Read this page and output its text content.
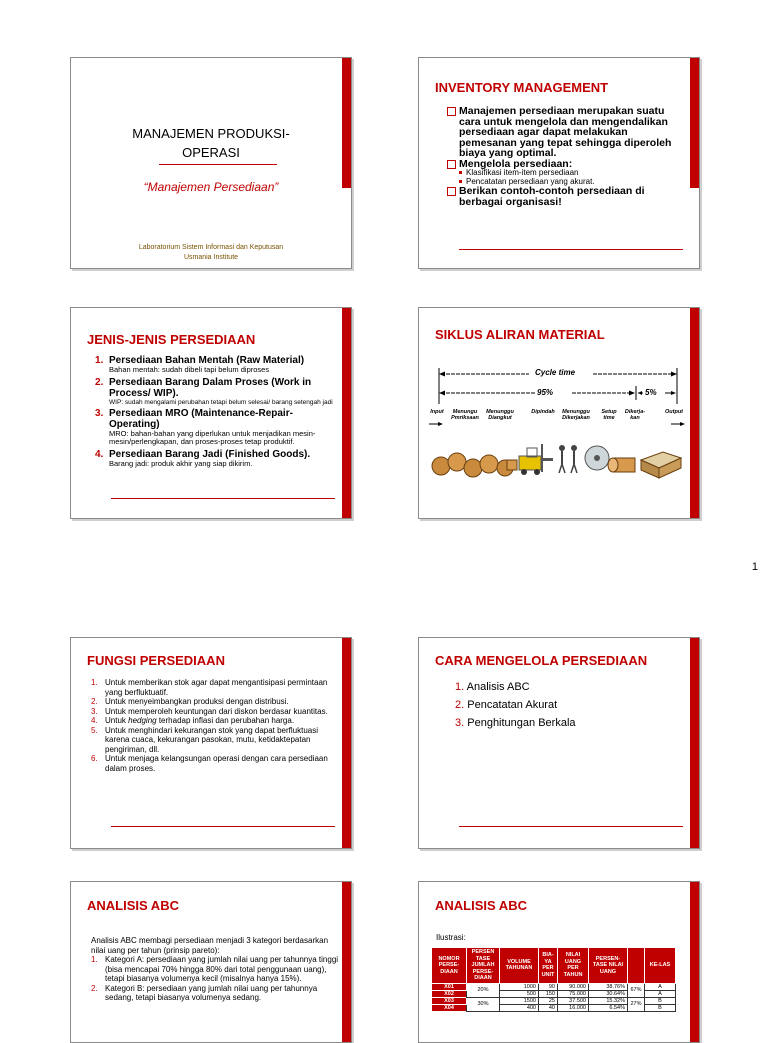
MANAJEMEN PRODUKSI-
OPERASI
“Manajemen Persediaan”
Laboratorium Sistem Informasi dan Keputusan
Usmania Institute
INVENTORY MANAGEMENT
Manajemen persediaan merupakan suatu cara untuk mengelola dan mengendalikan persediaan agar dapat melakukan pemesanan yang tepat sehingga diperoleh biaya yang optimal.
Mengelola persediaan:
Klasifikasi item-item persediaan
Pencatatan persediaan yang akurat.
Berikan contoh-contoh persediaan di berbagai organisasi!
JENIS-JENIS PERSEDIAAN
1. Persediaan Bahan Mentah (Raw Material)
Bahan mentah: sudah dibeli tapi belum diproses
2. Persediaan Barang Dalam Proses (Work in Process/ WIP).
WIP: sudah mengalami perubahan tetapi belum selesai/ barang setengah jadi
3. Persediaan MRO (Maintenance-Repair-Operating)
MRO: bahan-bahan yang diperlukan untuk menjadikan mesin-mesin/perlengkapan, dan proses-proses tetap produktif.
4. Persediaan Barang Jadi (Finished Goods).
Barang jadi: produk akhir yang siap dikirim.
SIKLUS ALIRAN MATERIAL
Cycle time
95%	5%
Input	Menungu Pmriksaan
Menunggu Diangkut
Dipindah	Menunggu Dikerjakan
Setup time
Dikerja-kan
Output
1
FUNGSI PERSEDIAAN
1. Untuk memberikan stok agar dapat mengantisipasi permintaan yang berfluktuatif.
2. Untuk menyeimbangkan produksi dengan distribusi.
3. Untuk memperoleh keuntungan dari diskon berdasar kuantitas.
4. Untuk hedging terhadap inflasi dan perubahan harga.
5. Untuk menghindari kekurangan stok yang dapat berfluktuasi karena cuaca, kekurangan pasokan, mutu, ketidaktepatan pengiriman, dll.
6. Untuk menjaga kelangsungan operasi dengan cara persediaan dalam proses.
CARA MENGELOLA PERSEDIAAN
1. Analisis ABC
2. Pencatatan Akurat
3. Penghitungan Berkala
ANALISIS ABC
Analisis ABC membagi persediaan menjadi 3 kategori berdasarkan nilai uang per tahun (prinsip pareto):
1. Kategori A: persediaan yang jumlah nilai uang per tahunnya tinggi (bisa mencapai 70% hingga 80% dari total penggunaan uang), tetapi biasanya volumenya kecil (misalnya hanya 15%).
2. Kategori B: persediaan yang jumlah nilai uang per tahunnya sedang, tetapi biasanya volumenya sedang.
ANALISIS ABC
Ilustrasi:
NOMOR PERSE-DIAAN	PERSEN TASE JUMLAH PERSE-DIAAN	VOLUME TAHUNAN	BIA-YA PER UNIT	NILAI UANG PER TAHUN	PERSEN-TASE NILAI UANG		KE-LAS
X01	20%	1000	90	90.000	38.76%	67%	A
X02		500	150	75.000	30.64%		A
X03	30%	1500	25	37.500	15.32%	27%	B
X04		400	40	16.000	6.54%		B
